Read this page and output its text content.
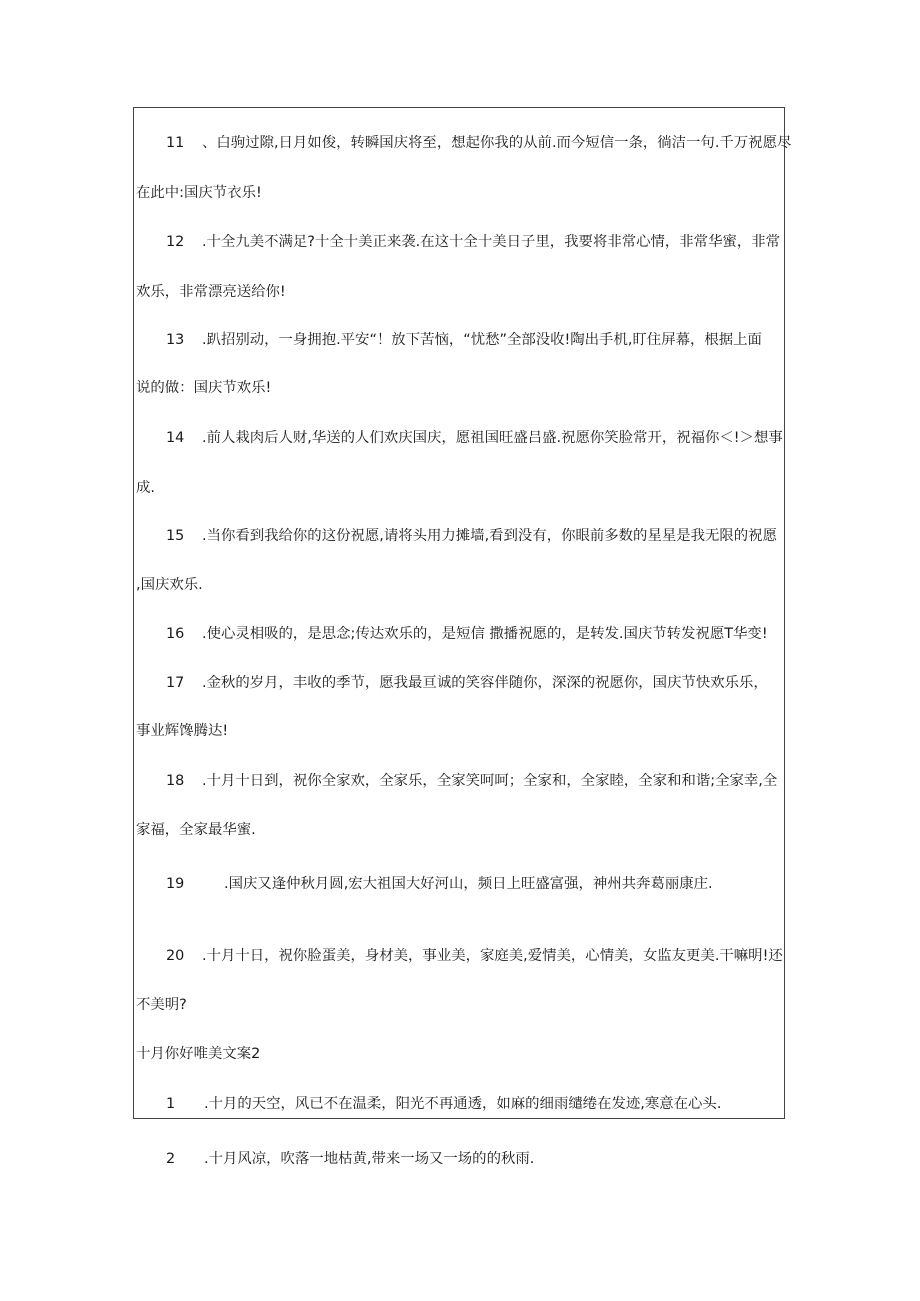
11 、白驹过隙,日月如俊，转瞬国庆将至，想起你我的从前.而今短信一条，徜洁一句.千万祝愿尽
在此中:国庆节衣乐!
12 .十全九美不满足?十全十美正来袭.在这十全十美日子里，我要将非常心情，非常华蜜，非常
欢乐，非常漂亮送给你!
13 .趴招别动，一身拥抱.平安“！放下苦恼，“忧愁”全部没收!陶出手机,盯住屏幕，根据上面
说的做：国庆节欢乐!
14 .前人栽肉后人财,华送的人们欢庆国庆，愿祖国旺盛吕盛.祝愿你笑脸常开，祝福你＜!＞想事
成.
15 .当你看到我给你的这份祝愿,请将头用力摊墙,看到没有，你眼前多数的星星是我无限的祝愿
,国庆欢乐.
16 .使心灵相吸的，是思念;传达欢乐的，是短信 撒播祝愿的，是转发.国庆节转发祝愿T华变!
17 .金秋的岁月，丰收的季节，愿我最亘诚的笑容伴随你，深深的祝愿你，国庆节快欢乐乐，
事业辉馋腾达!
18 .十月十日到，祝你全家欢，全家乐，全家笑呵呵；全家和，全家睦，全家和和谐;全家幸,全
家福，全家最华蜜.
19	.国庆又逢仲秋月圆,宏大祖国大好河山，频日上旺盛富强，神州共奔葛丽康庄.
20 .十月十日，祝你脸蛋美，身材美，事业美，家庭美,爱情美，心情美，女监友更美.干嘛明!还
不美明?
十月你好唯美文案2
1 .十月的天空，风已不在温柔，阳光不再通透，如麻的细雨缱绻在发迹,寒意在心头.
2 .十月风凉，吹落一地枯黄,带来一场又一场的的秋雨.
